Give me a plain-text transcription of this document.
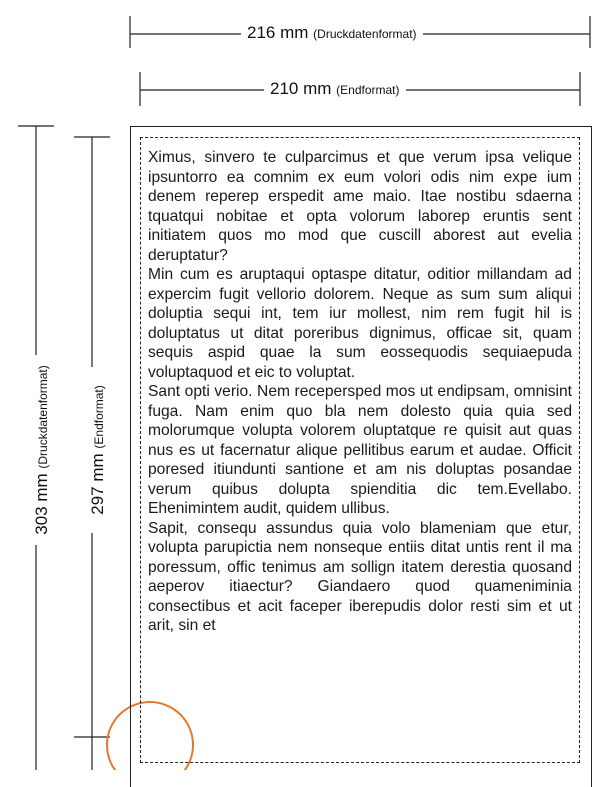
216 mm (Druckdatenformat)
210 mm (Endformat)
303 mm (Druckdatenformat)
297 mm (Endformat)

Ximus, sinvero te culparcimus et que verum ipsa velique ipsuntorro ea comnim ex eum volori odis nim expe ium denem reperep erspedit ame maio. Itae nostibu sdaerna tquatqui nobitae et opta volorum laborep eruntis sent initiatem quos mo mod que cuscill aborest aut evelia deruptatur?

Min cum es aruptaqui optaspe ditatur, oditior millandam ad expercim fugit vellorio dolorem. Neque as sum sum aliqui doluptia sequi int, tem iur mollest, nim rem fugit hil is doluptatus ut ditat poreribus dignimus, officae sit, quam sequis aspid quae la sum eossequodis sequiaepuda voluptaquod et eic to voluptat.

Sant opti verio. Nem recepersped mos ut endipsam, omnisint fuga. Nam enim quo bla nem dolesto quia quia sed molorumque volupta volorem oluptatque re quisit aut quas nus es ut facernatur alique pellitibus earum et audae. Officit poresed itiundunti santione et am nis doluptas posandae verum quibus dolupta spienditia dic tem.Evellabo. Ehenimintem audit, quidem ullibus.

Sapit, consequ assundus quia volo blameniam que etur, volupta parupictia nem nonseque entiis ditat untis rent il ma poressum, offic tenimus am sollign itatem derestia quosand aeperov itiaectur? Giandaero quod quameniminia consectibus et acit faceper iberepudis dolor resti sim et ut arit, sin et
